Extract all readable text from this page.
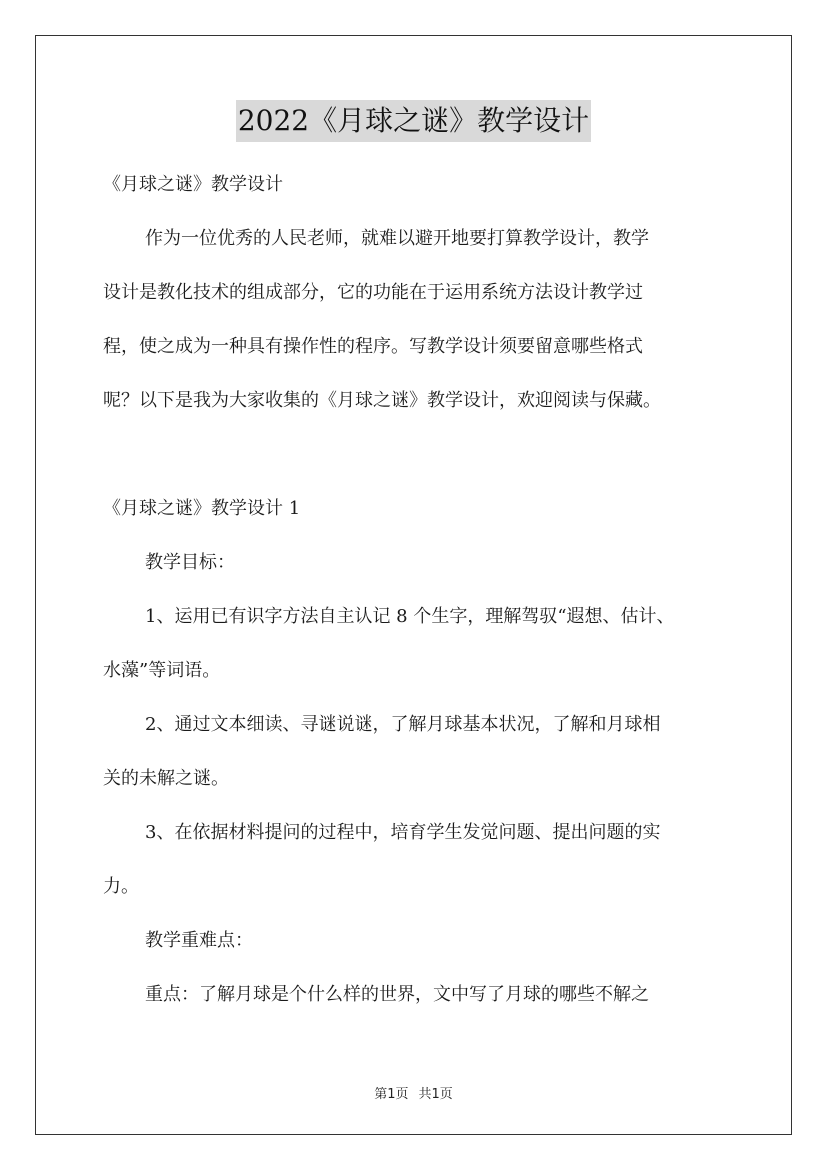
2022《月球之谜》教学设计

《月球之谜》教学设计

作为一位优秀的人民老师，就难以避开地要打算教学设计，教学

设计是教化技术的组成部分，它的功能在于运用系统方法设计教学过

程，使之成为一种具有操作性的程序。写教学设计须要留意哪些格式

呢？以下是我为大家收集的《月球之谜》教学设计，欢迎阅读与保藏。

《月球之谜》教学设计 1

教学目标：

1、运用已有识字方法自主认记 8 个生字，理解驾驭“遐想、估计、

水藻”等词语。

2、通过文本细读、寻谜说谜，了解月球基本状况，了解和月球相

关的未解之谜。

3、在依据材料提问的过程中，培育学生发觉问题、提出问题的实

力。

教学重难点：

重点：了解月球是个什么样的世界，文中写了月球的哪些不解之

第1页 共1页
